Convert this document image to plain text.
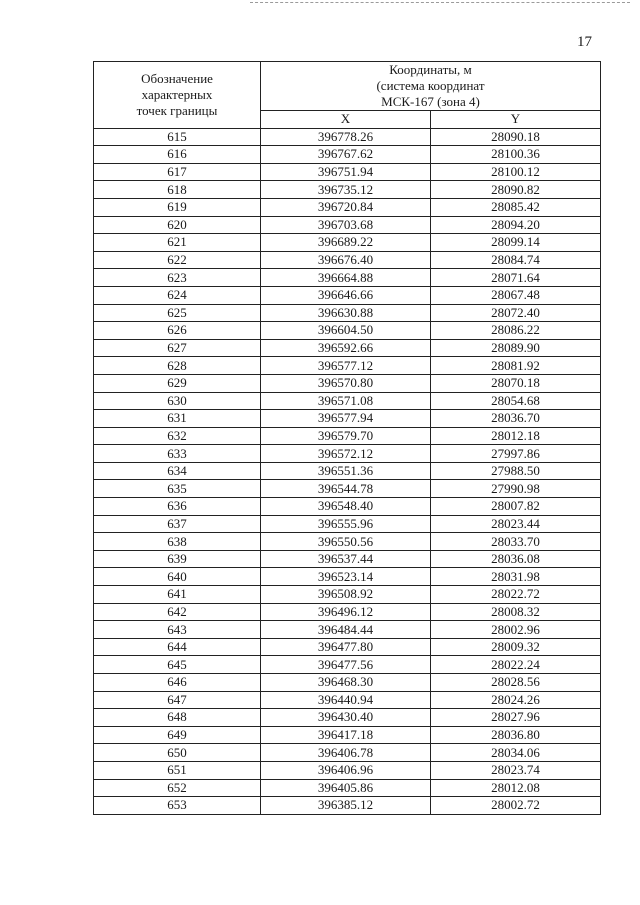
17
Обозначение
характерных
точек границы	Координаты, м
(система координат
МСК-167 (зона 4)	

	X	Y
615	396778.26	28090.18
616	396767.62	28100.36
617	396751.94	28100.12
618	396735.12	28090.82
619	396720.84	28085.42
620	396703.68	28094.20
621	396689.22	28099.14
622	396676.40	28084.74
623	396664.88	28071.64
624	396646.66	28067.48
625	396630.88	28072.40
626	396604.50	28086.22
627	396592.66	28089.90
628	396577.12	28081.92
629	396570.80	28070.18
630	396571.08	28054.68
631	396577.94	28036.70
632	396579.70	28012.18
633	396572.12	27997.86
634	396551.36	27988.50
635	396544.78	27990.98
636	396548.40	28007.82
637	396555.96	28023.44
638	396550.56	28033.70
639	396537.44	28036.08
640	396523.14	28031.98
641	396508.92	28022.72
642	396496.12	28008.32
643	396484.44	28002.96
644	396477.80	28009.32
645	396477.56	28022.24
646	396468.30	28028.56
647	396440.94	28024.26
648	396430.40	28027.96
649	396417.18	28036.80
650	396406.78	28034.06
651	396406.96	28023.74
652	396405.86	28012.08
653	396385.12	28002.72
